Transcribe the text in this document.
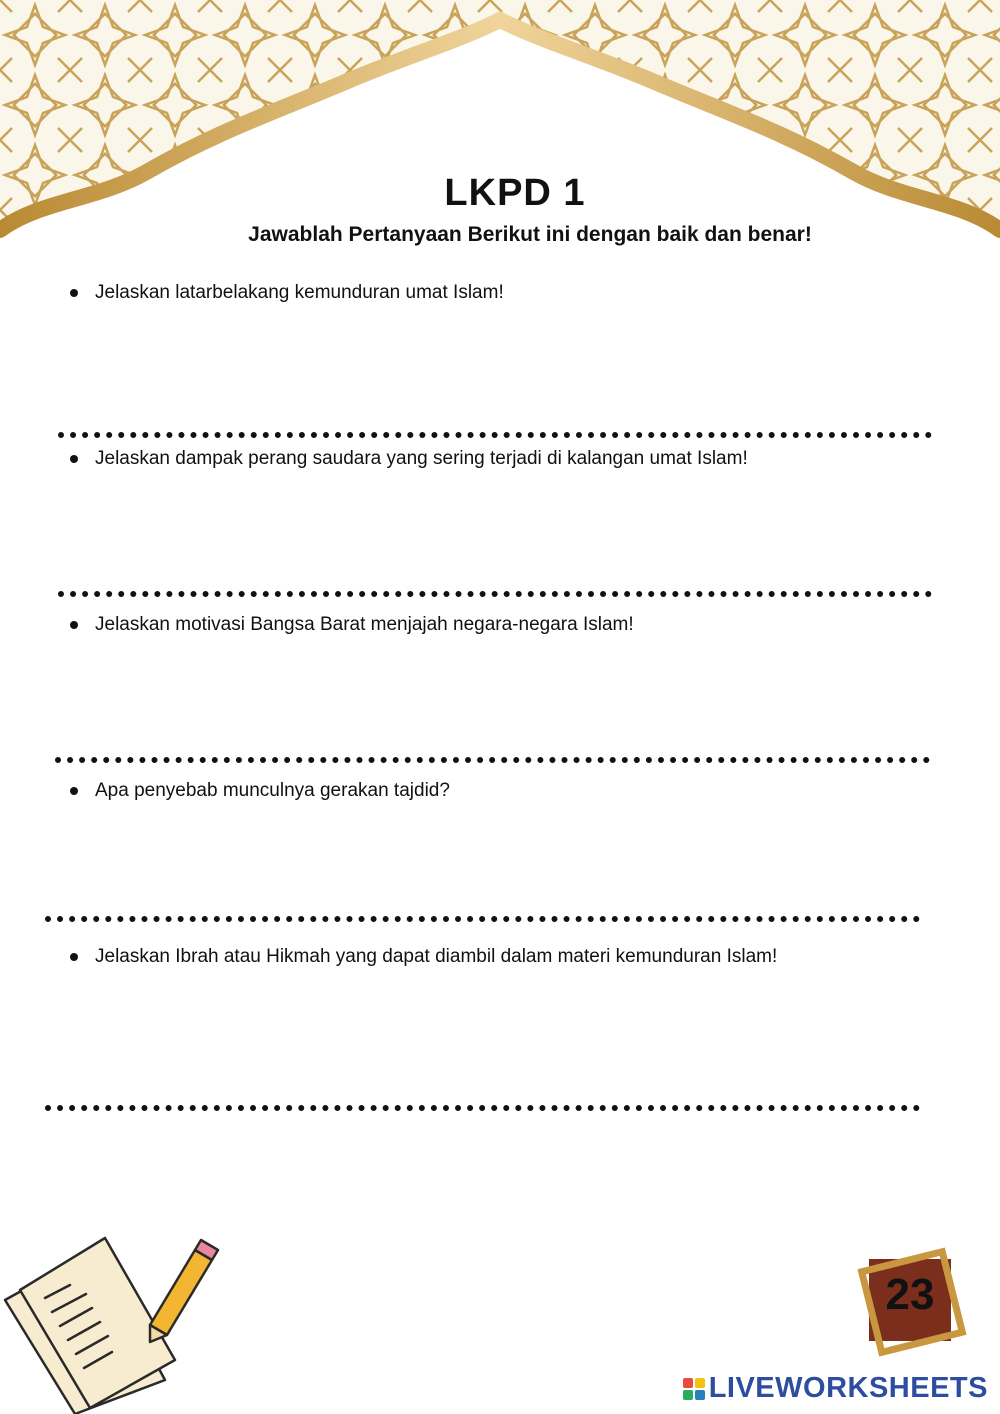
LKPD 1
Jawablah Pertanyaan Berikut ini dengan baik dan benar!
Jelaskan latarbelakang kemunduran umat Islam!
Jelaskan dampak perang saudara yang sering terjadi di kalangan umat Islam!
Jelaskan motivasi Bangsa Barat menjajah negara-negara Islam!
Apa penyebab munculnya gerakan tajdid?
Jelaskan Ibrah atau Hikmah yang dapat diambil dalam materi kemunduran Islam!
23
LIVEWORKSHEETS
